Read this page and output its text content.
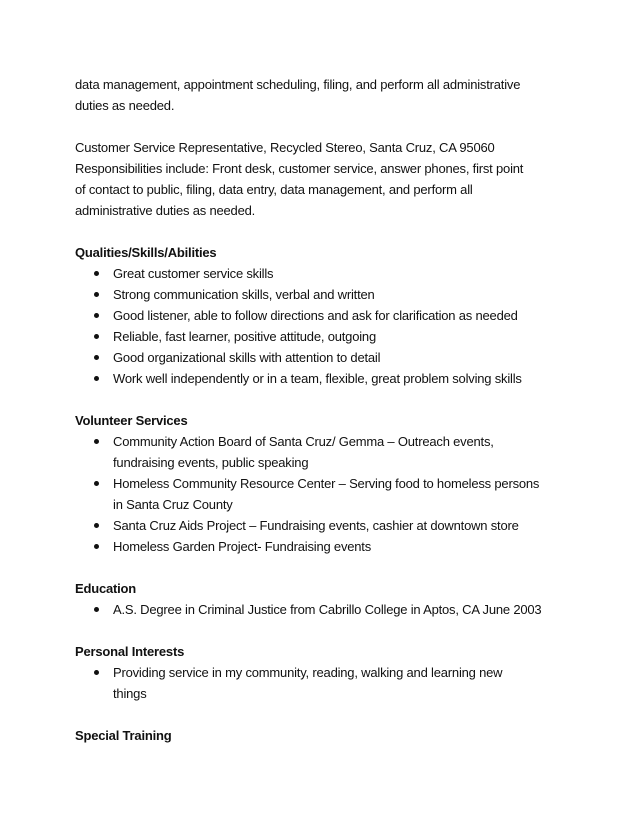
data management, appointment scheduling, filing, and perform all administrative
duties as needed.

Customer Service Representative, Recycled Stereo, Santa Cruz, CA 95060
Responsibilities include: Front desk, customer service, answer phones, first point
of contact to public, filing, data entry, data management, and perform all
administrative duties as needed.

Qualities/Skills/Abilities

Great customer service skills
Strong communication skills, verbal and written
Good listener, able to follow directions and ask for clarification as needed
Reliable, fast learner, positive attitude, outgoing
Good organizational skills with attention to detail
Work well independently or in a team, flexible, great problem solving skills

Volunteer Services

Community Action Board of Santa Cruz/ Gemma – Outreach events,
fundraising events, public speaking
Homeless Community Resource Center – Serving food to homeless persons
in Santa Cruz County
Santa Cruz Aids Project – Fundraising events, cashier at downtown store
Homeless Garden Project- Fundraising events

Education

A.S. Degree in Criminal Justice from Cabrillo College in Aptos, CA June 2003

Personal Interests

Providing service in my community, reading, walking and learning new
things

Special Training
